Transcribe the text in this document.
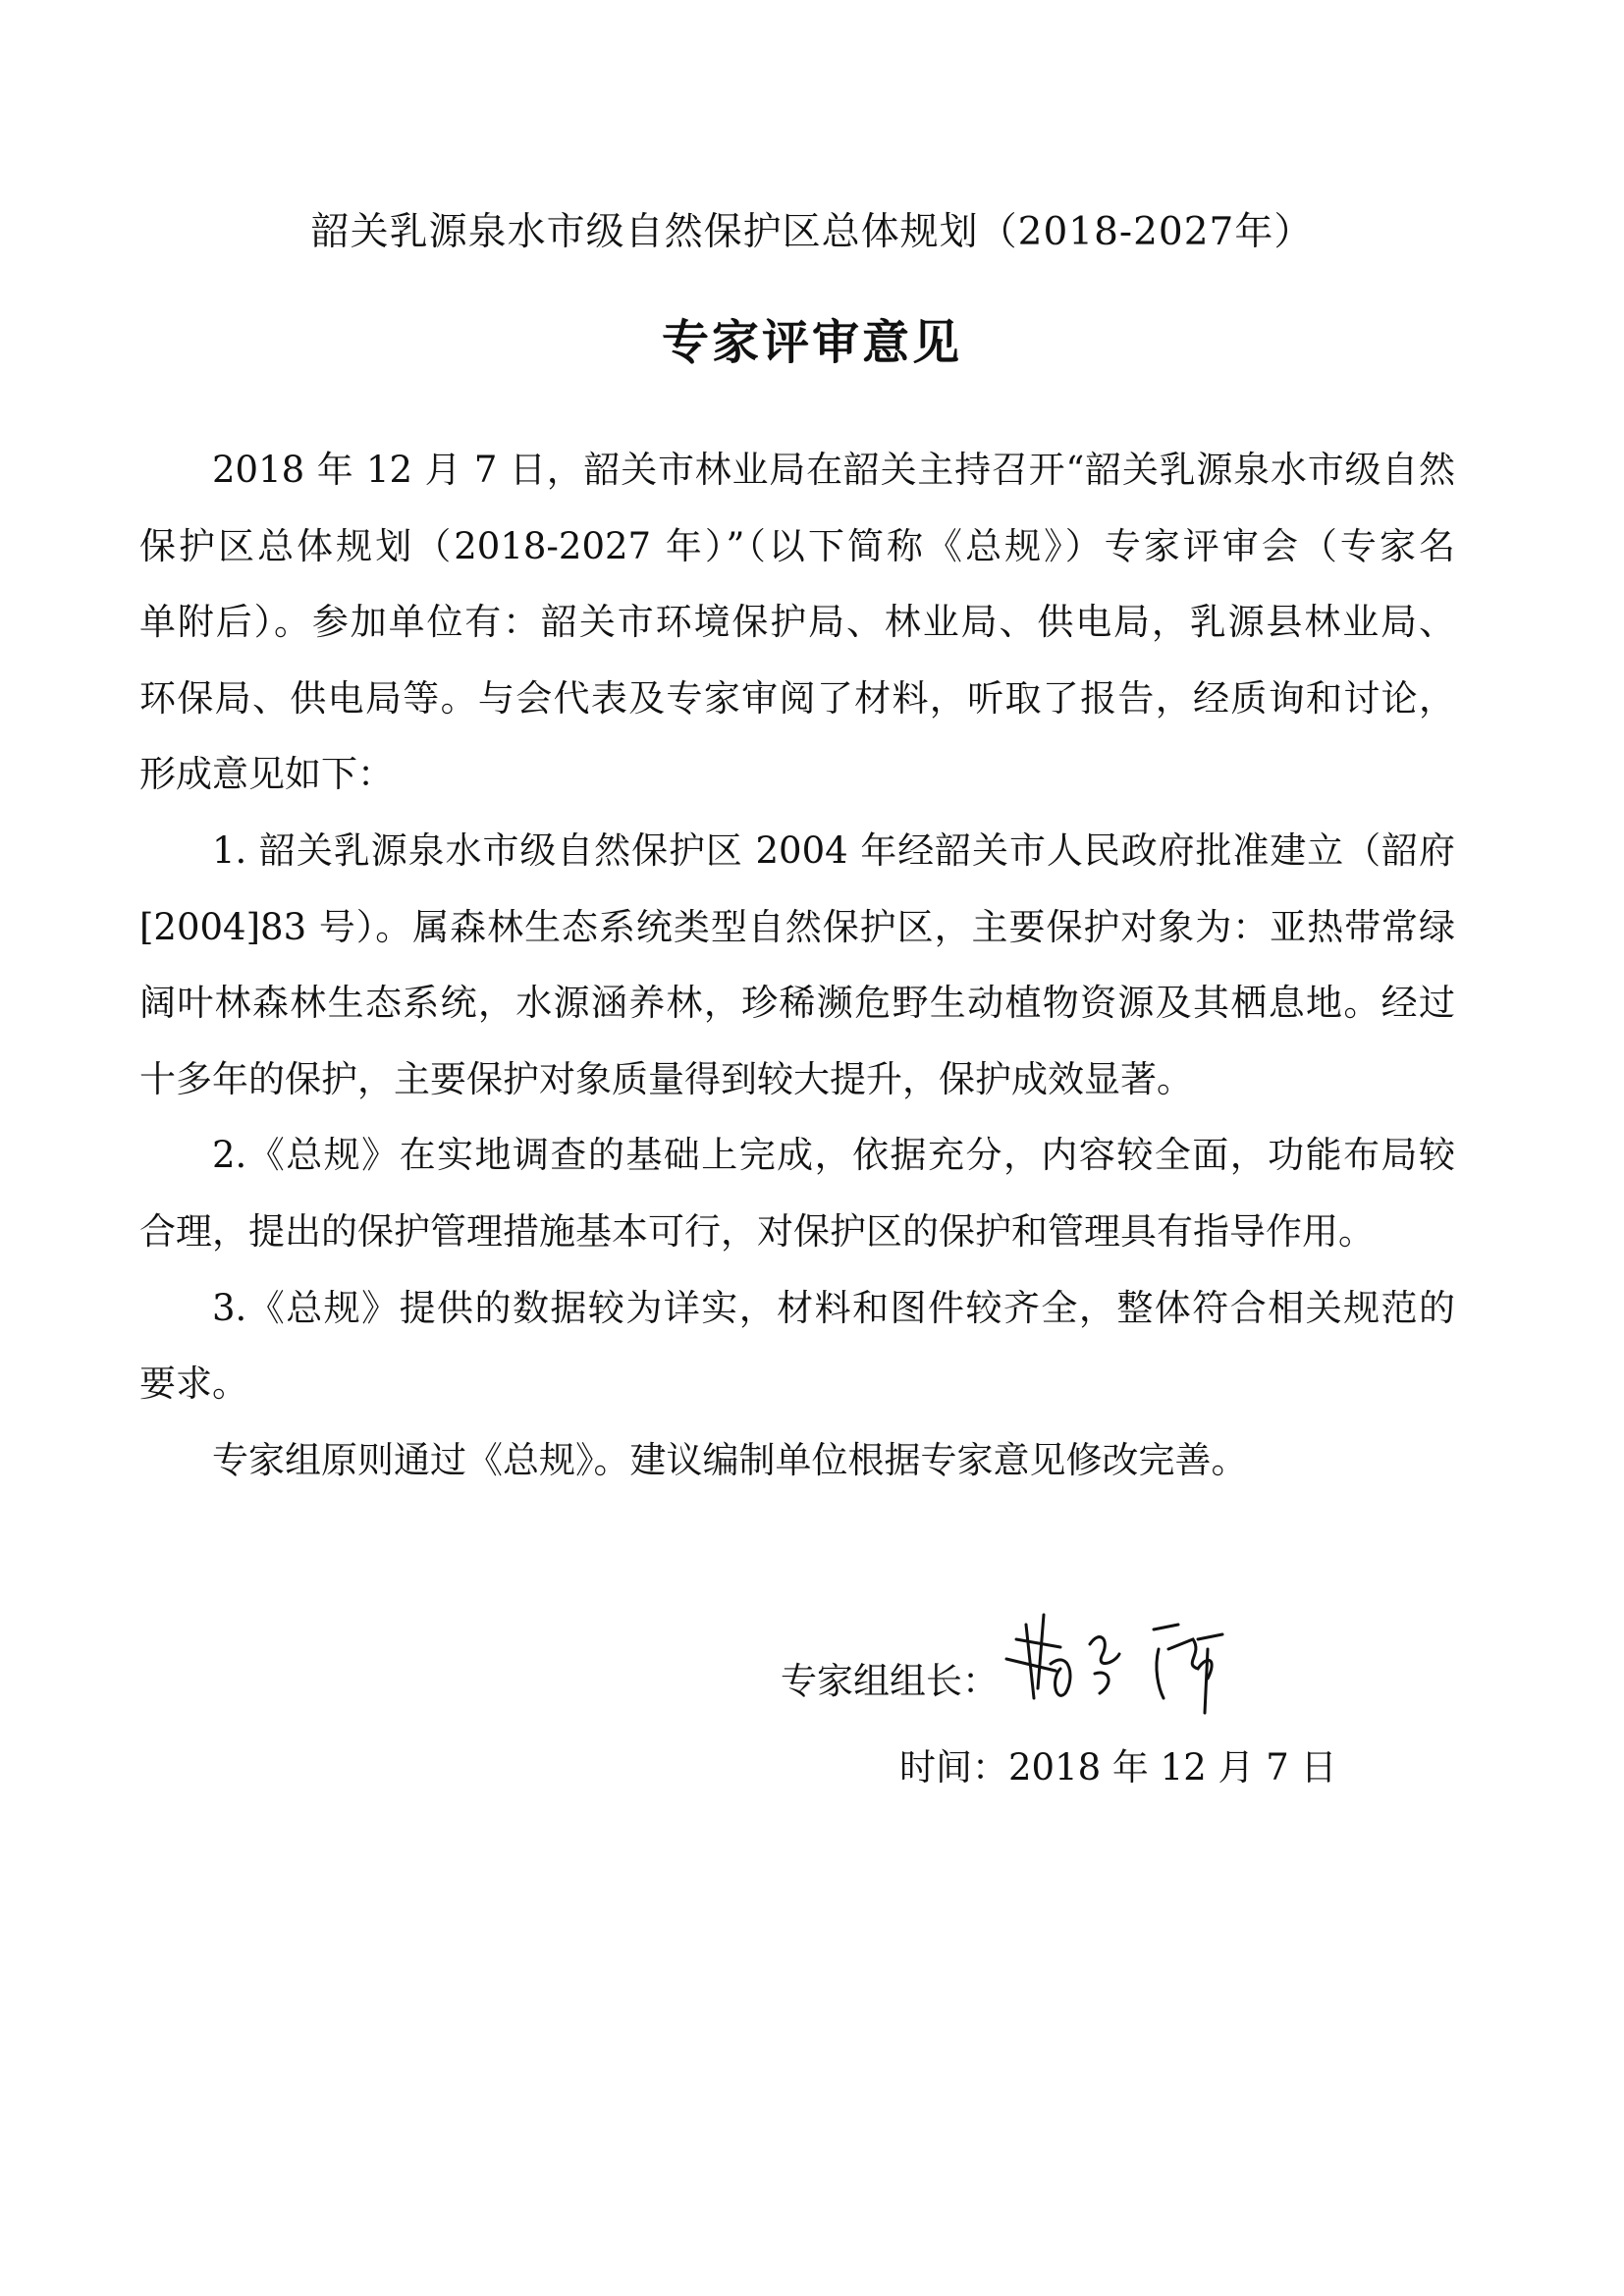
韶关乳源泉水市级自然保护区总体规划（2018-2027年）
专家评审意见
2018 年 12 月 7 日，韶关市林业局在韶关主持召开“韶关乳源泉水市级自然
保护区总体规划（2018-2027 年）”（以下简称《总规》）专家评审会（专家名
单附后）。参加单位有：韶关市环境保护局、林业局、供电局，乳源县林业局、
环保局、供电局等。与会代表及专家审阅了材料，听取了报告，经质询和讨论，
形成意见如下：
1. 韶关乳源泉水市级自然保护区 2004 年经韶关市人民政府批准建立（韶府
[2004]83 号）。属森林生态系统类型自然保护区，主要保护对象为：亚热带常绿
阔叶林森林生态系统，水源涵养林，珍稀濒危野生动植物资源及其栖息地。经过
十多年的保护，主要保护对象质量得到较大提升，保护成效显著。
2.《总规》在实地调查的基础上完成，依据充分，内容较全面，功能布局较
合理，提出的保护管理措施基本可行，对保护区的保护和管理具有指导作用。
3.《总规》提供的数据较为详实，材料和图件较齐全，整体符合相关规范的
要求。
专家组原则通过《总规》。建议编制单位根据专家意见修改完善。
专家组组长：
时间：2018 年 12 月 7 日
